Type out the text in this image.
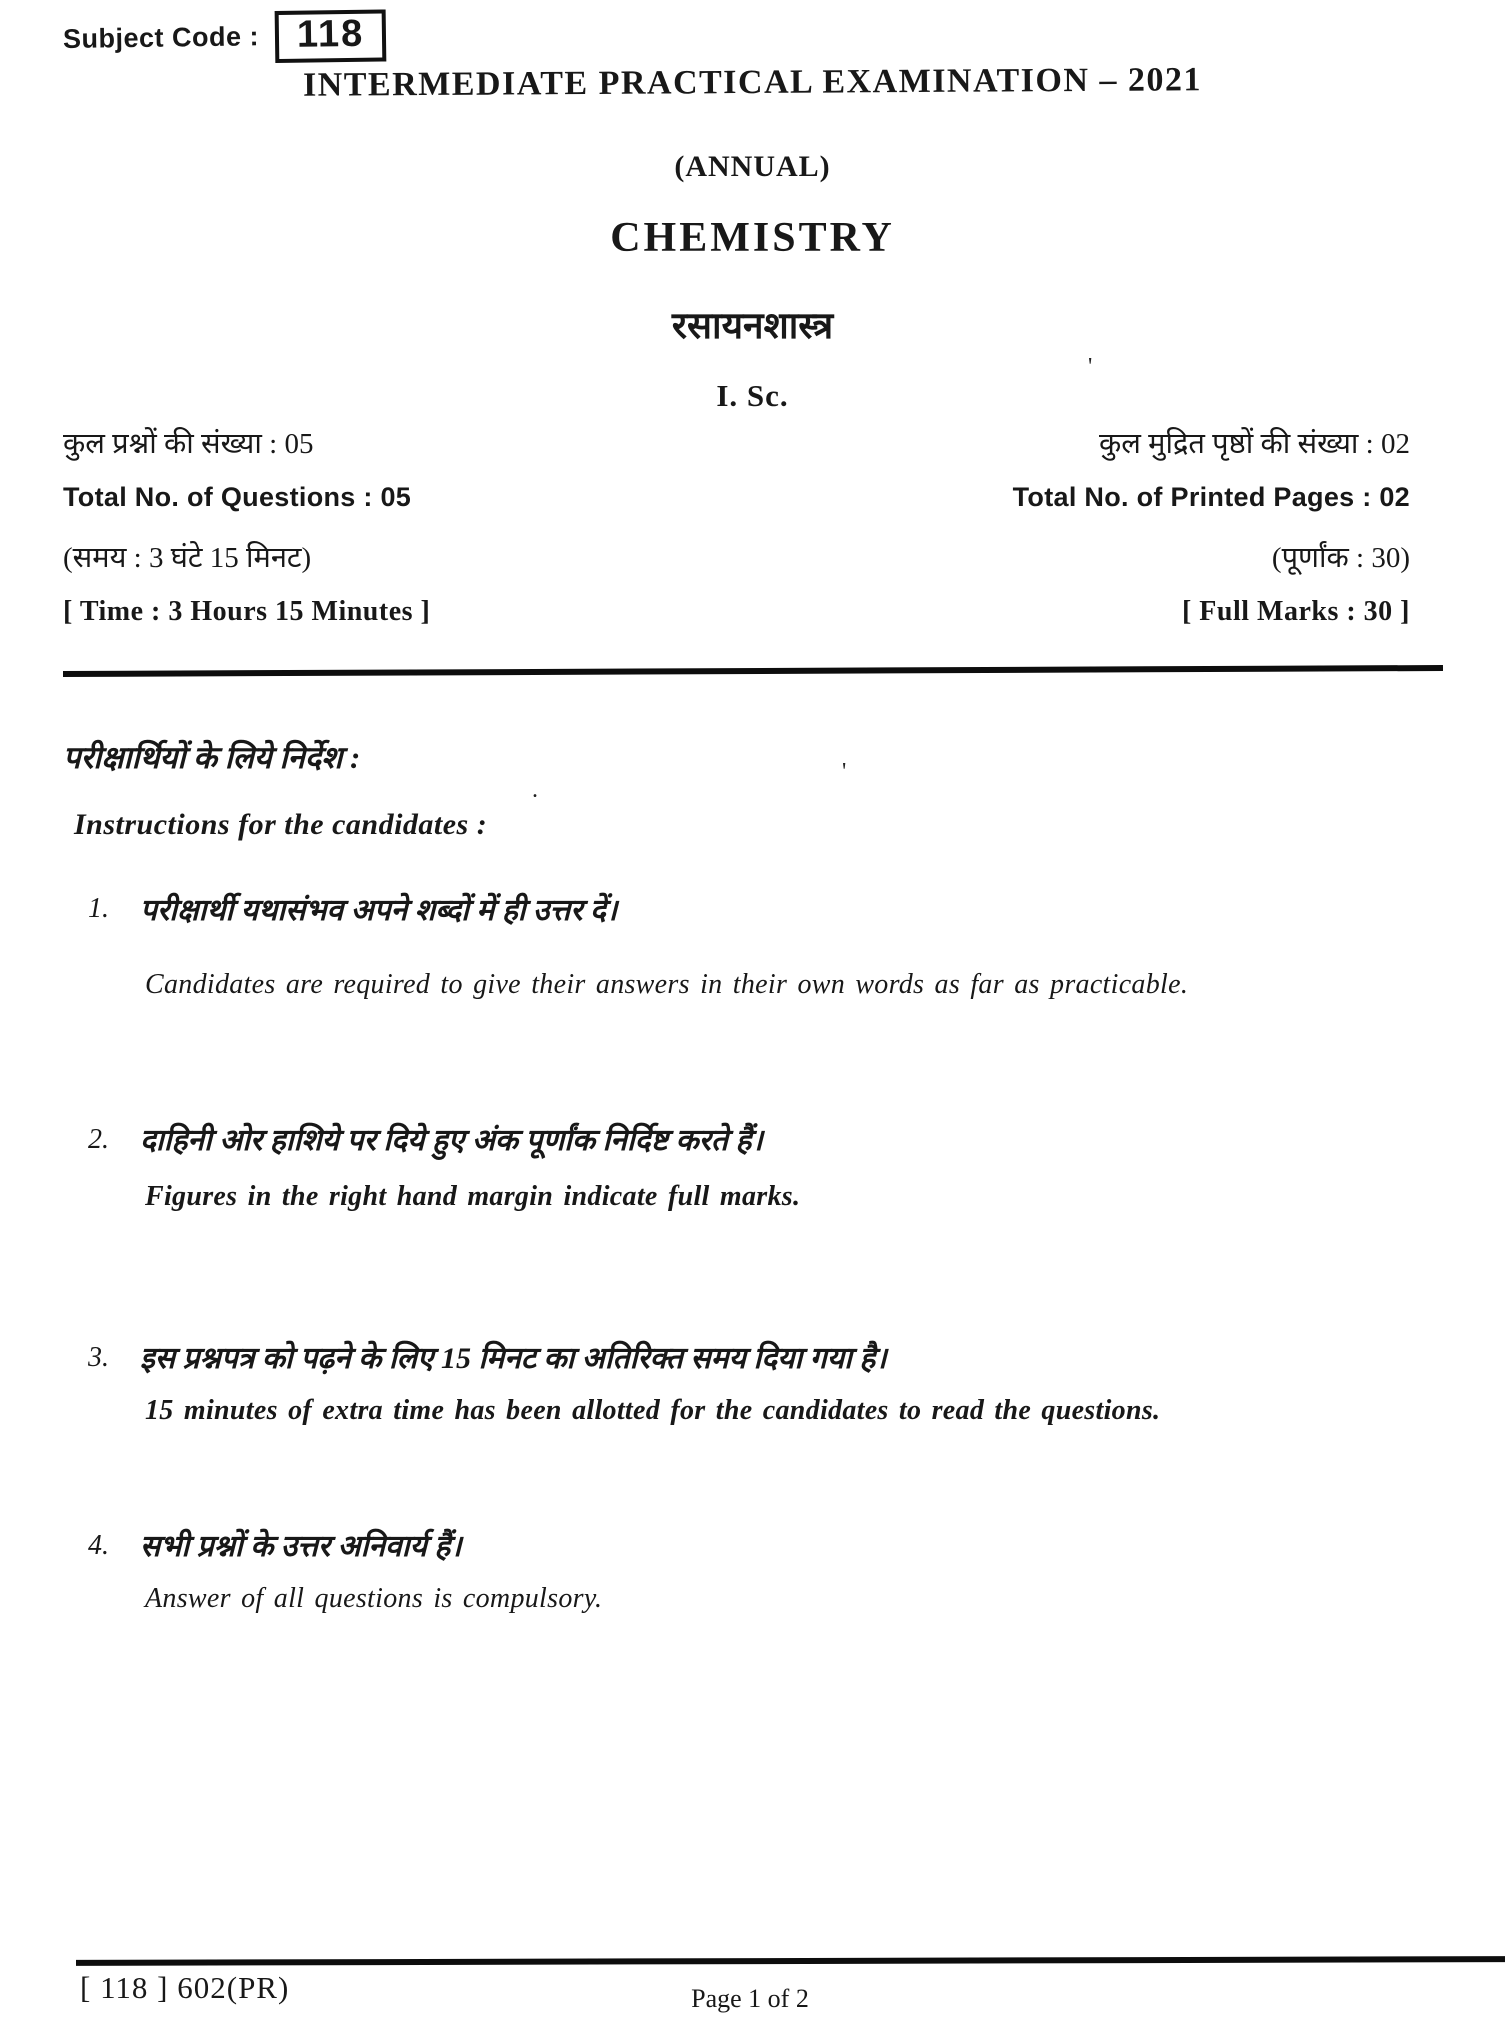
Subject Code : 118
INTERMEDIATE PRACTICAL EXAMINATION – 2021
(ANNUAL)
CHEMISTRY
रसायनशास्त्र
I. Sc.
कुल प्रश्नों की संख्या : 05
Total No. of Questions : 05
(समय : 3 घंटे 15 मिनट)
[ Time : 3 Hours 15 Minutes ]
कुल मुद्रित पृष्ठों की संख्या : 02
Total No. of Printed Pages : 02
(पूर्णांक : 30)
[ Full Marks : 30 ]
परीक्षार्थियों के लिये निर्देश :
Instructions for the candidates :
1. परीक्षार्थी यथासंभव अपने शब्दों में ही उत्तर दें।
Candidates are required to give their answers in their own words as far as practicable.
2. दाहिनी ओर हाशिये पर दिये हुए अंक पूर्णांक निर्दिष्ट करते हैं।
Figures in the right hand margin indicate full marks.
3. इस प्रश्नपत्र को पढ़ने के लिए 15 मिनट का अतिरिक्त समय दिया गया है।
15 minutes of extra time has been allotted for the candidates to read the questions.
4. सभी प्रश्नों के उत्तर अनिवार्य हैं।
Answer of all questions is compulsory.
[ 118 ] 602(PR)	Page 1 of 2
'
'
.
